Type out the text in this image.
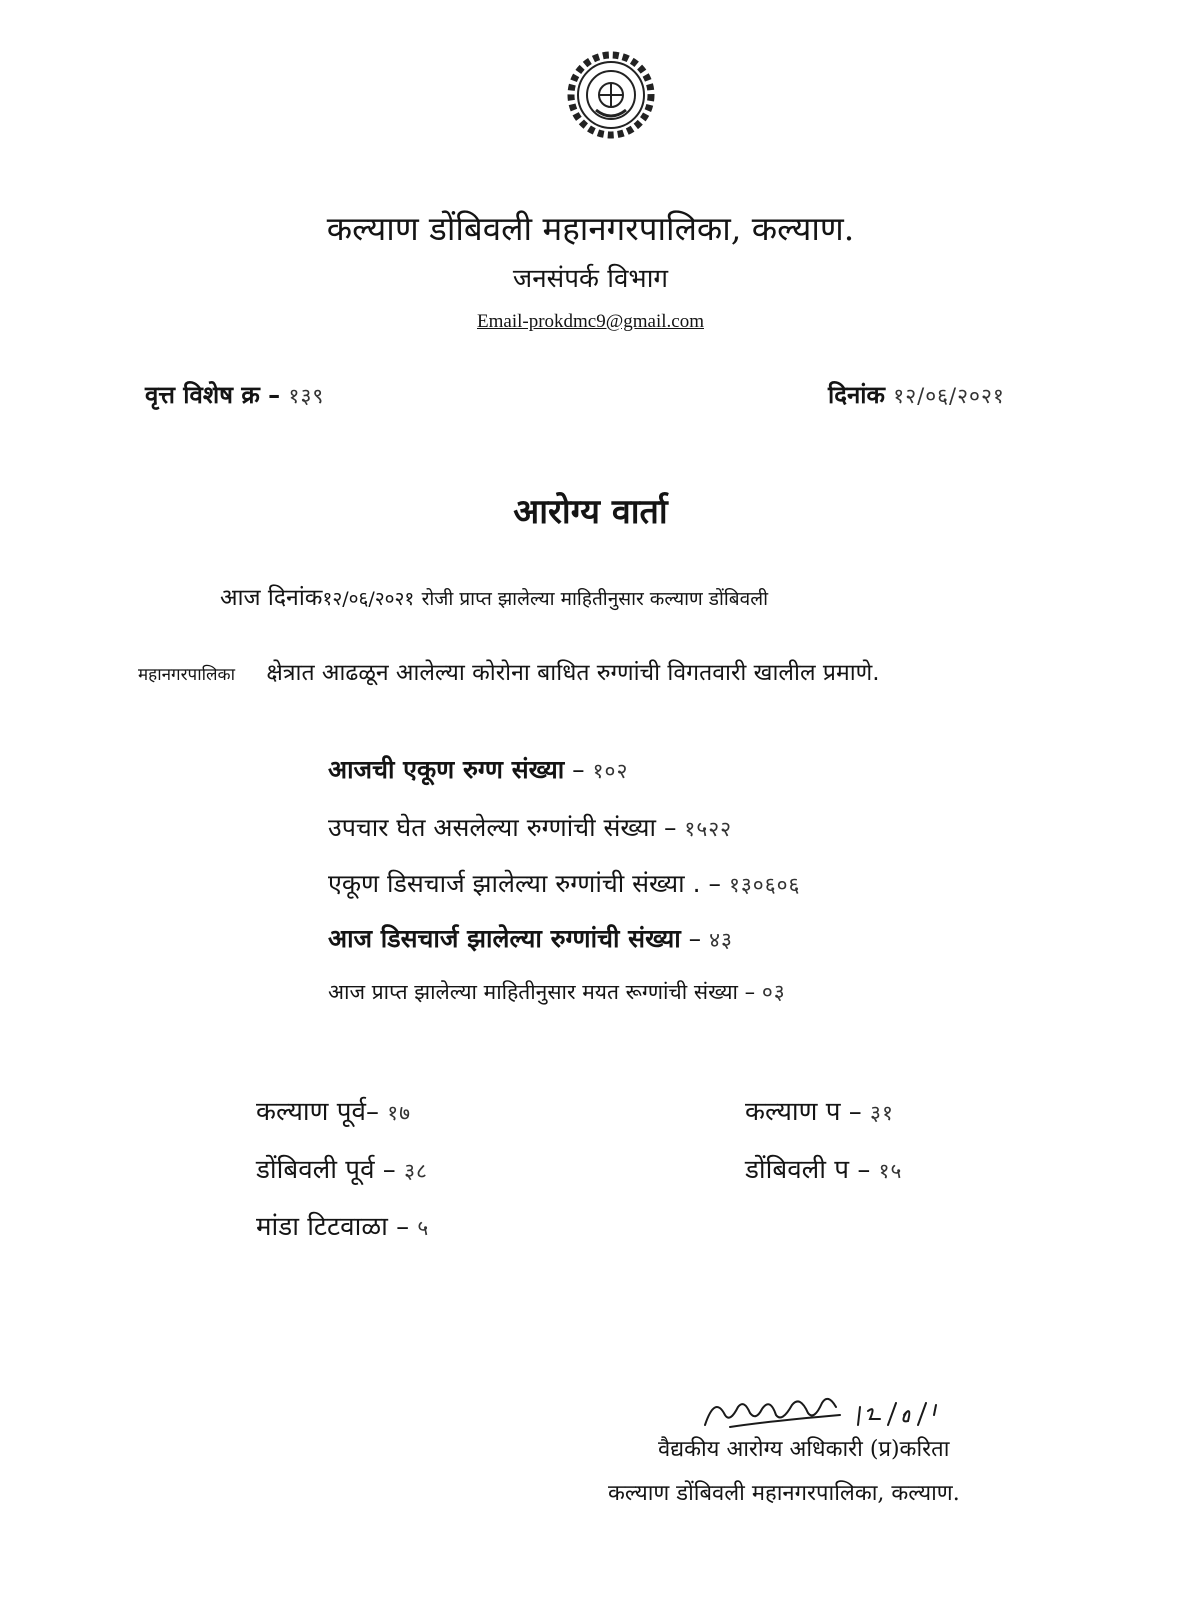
कल्याण डोंबिवली महानगरपालिका, कल्याण.
जनसंपर्क विभाग
Email-prokdmc9@gmail.com
वृत्त विशेष क्र – १३९	दिनांक १२/०६/२०२१
आरोग्य वार्ता
आज दिनांक१२/०६/२०२१ रोजी प्राप्त झालेल्या माहितीनुसार कल्याण डोंबिवली
महानगरपालिका क्षेत्रात आढळून आलेल्या कोरोना बाधित रुग्णांची विगतवारी खालील प्रमाणे.
आजची एकूण रुग्ण संख्या – १०२
उपचार घेत असलेल्या रुग्णांची संख्या – १५२२
एकूण डिसचार्ज झालेल्या रुग्णांची संख्या . – १३०६०६
आज डिसचार्ज झालेल्या रुग्णांची संख्या – ४३
आज प्राप्त झालेल्या माहितीनुसार मयत रूग्णांची संख्या – ०३
कल्याण पूर्व– १७	कल्याण प – ३१
डोंबिवली पूर्व – ३८	डोंबिवली प – १५
मांडा टिटवाळा – ५
वैद्यकीय आरोग्य अधिकारी (प्र)करिता
कल्याण डोंबिवली महानगरपालिका, कल्याण.
